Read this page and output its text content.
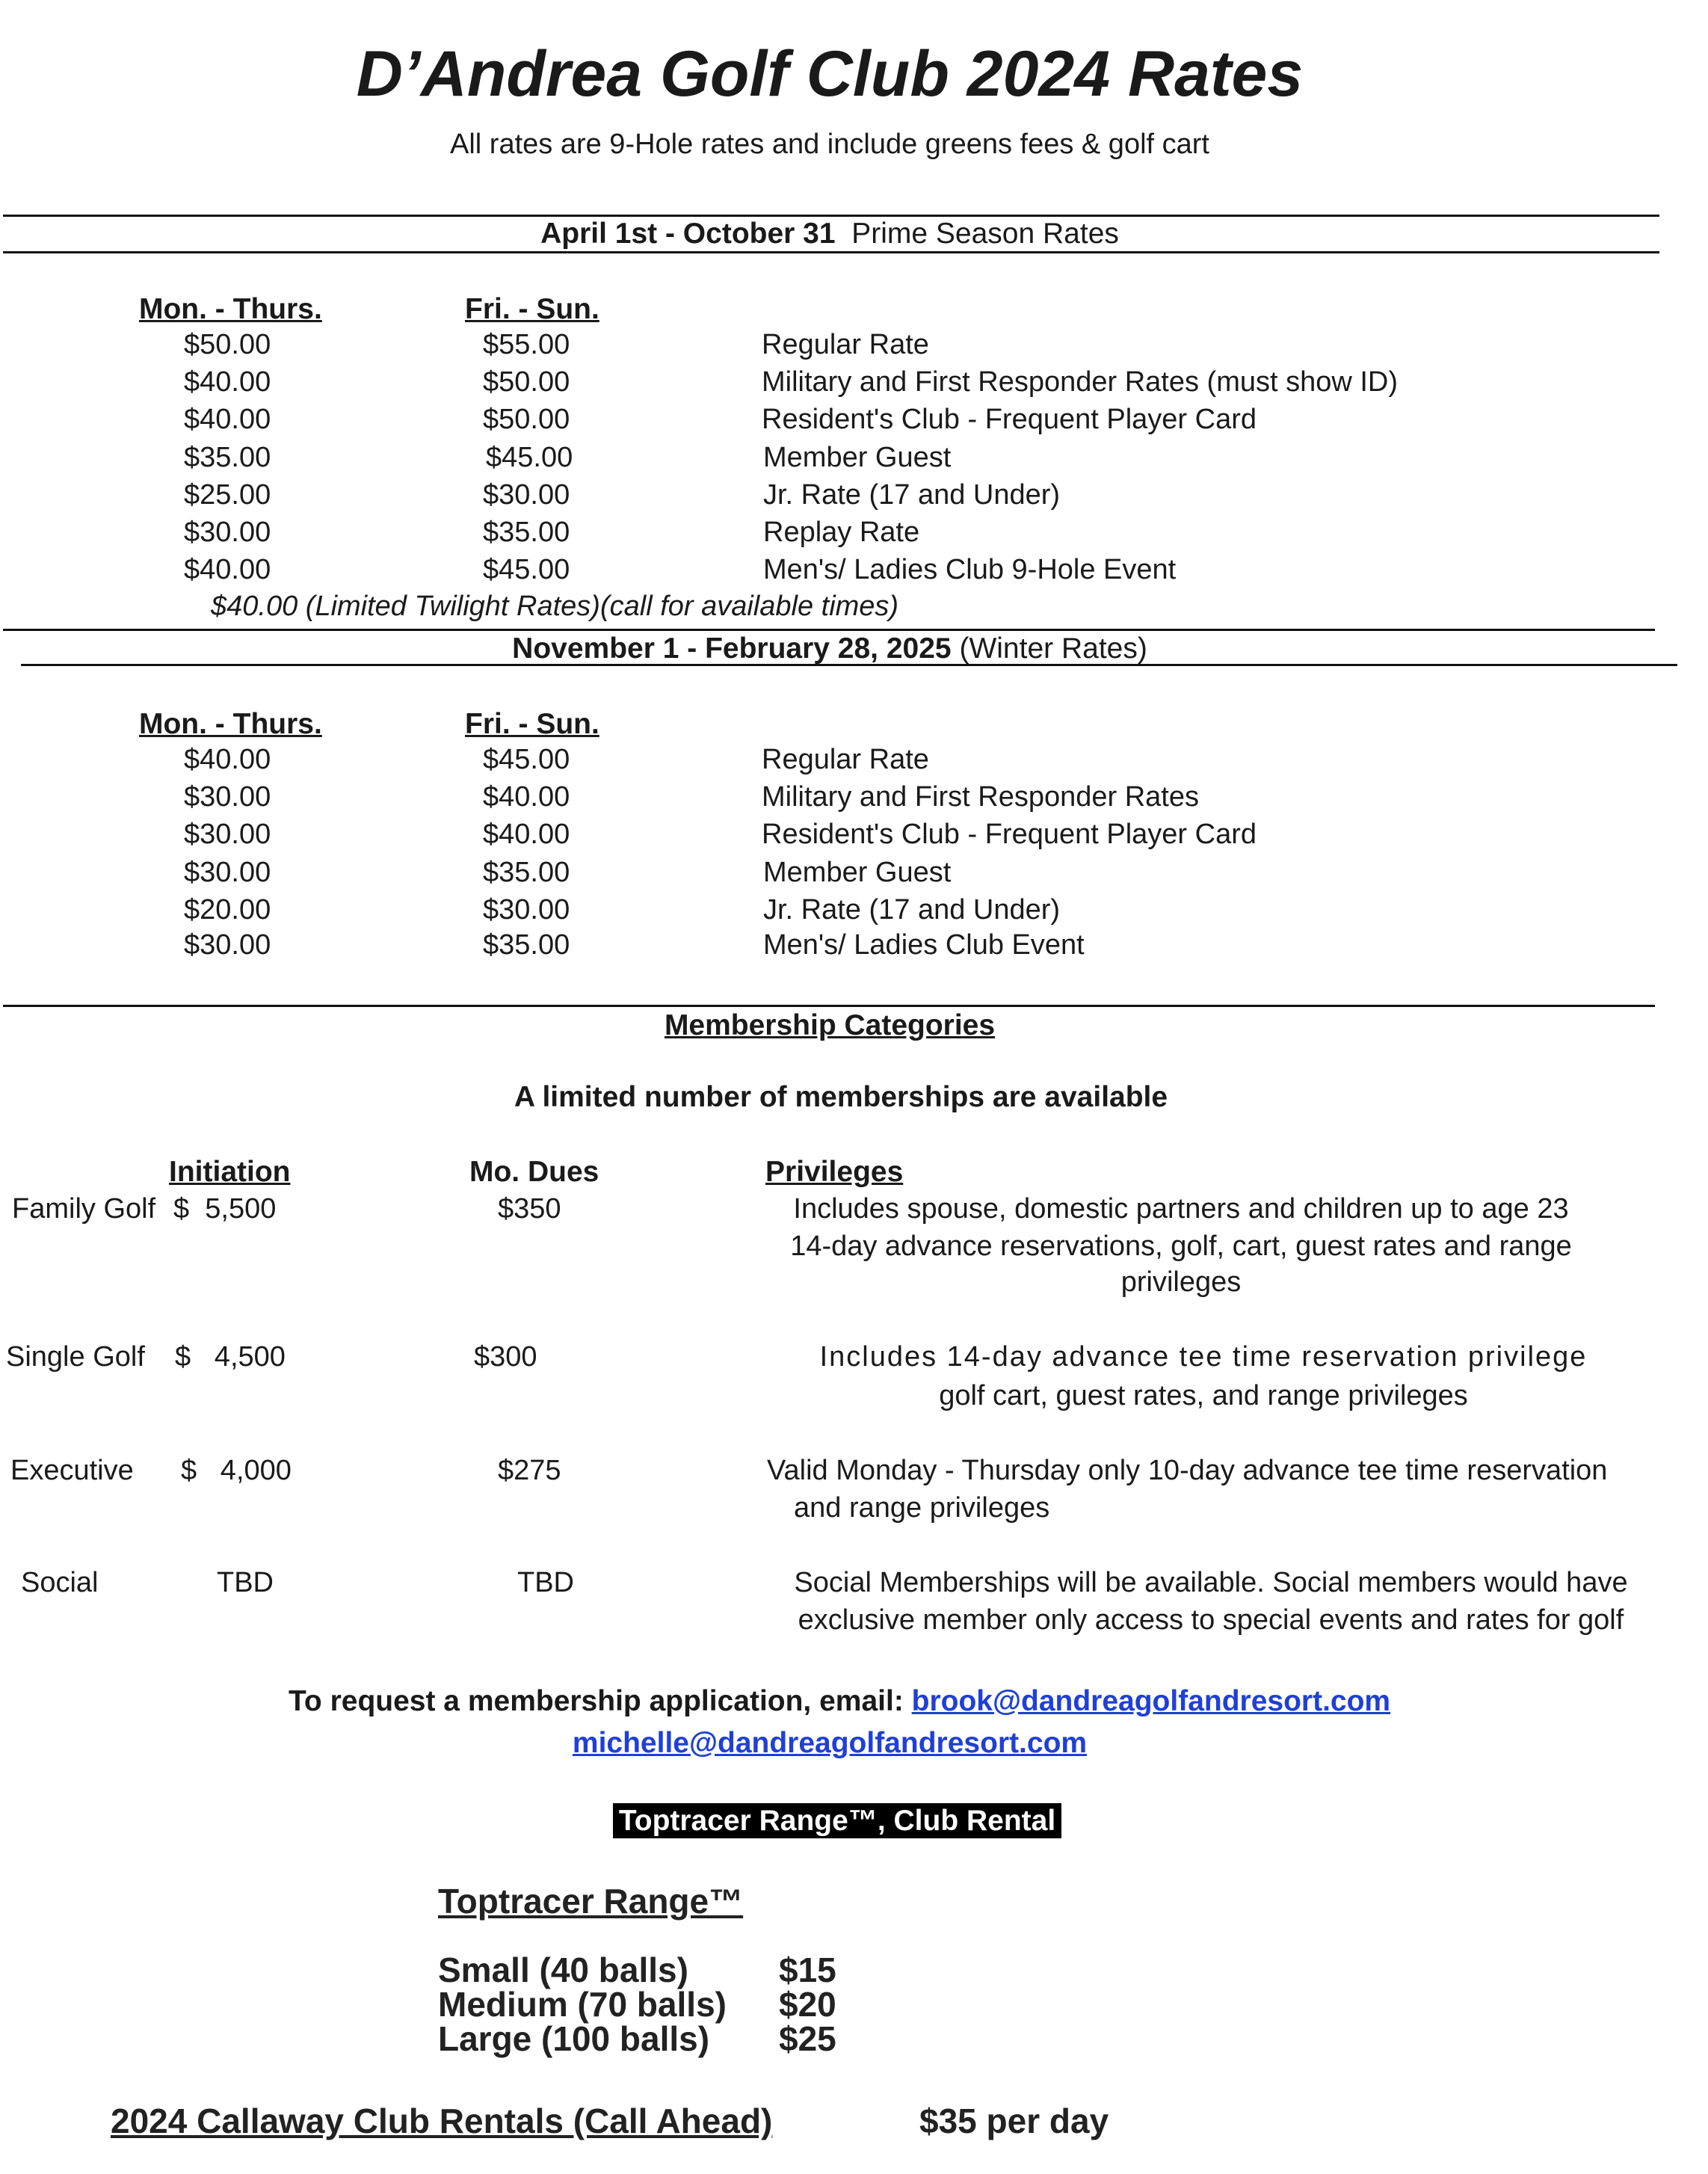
D’Andrea Golf Club 2024 Rates
All rates are 9-Hole rates and include greens fees & golf cart
April 1st - October 31 Prime Season Rates
Mon. - Thurs.	Fri. - Sun.
$50.00	$55.00	Regular Rate
$40.00	$50.00	Military and First Responder Rates (must show ID)
$40.00	$50.00	Resident's Club - Frequent Player Card
$35.00	$45.00	Member Guest
$25.00	$30.00	Jr. Rate (17 and Under)
$30.00	$35.00	Replay Rate
$40.00	$45.00	Men's/ Ladies Club 9-Hole Event
$40.00 (Limited Twilight Rates)(call for available times)
November 1 - February 28, 2025 (Winter Rates)
Mon. - Thurs.	Fri. - Sun.
$40.00	$45.00	Regular Rate
$30.00	$40.00	Military and First Responder Rates
$30.00	$40.00	Resident's Club - Frequent Player Card
$30.00	$35.00	Member Guest
$20.00	$30.00	Jr. Rate (17 and Under)
$30.00	$35.00	Men's/ Ladies Club Event
Membership Categories
A limited number of memberships are available
Initiation	Mo. Dues	Privileges
Family Golf $  5,500	$350	Includes spouse, domestic partners and children up to age 23
14-day advance reservations, golf, cart, guest rates and range
privileges
Single Golf $   4,500	$300	Includes 14-day advance tee time reservation privilege
golf cart, guest rates, and range privileges
Executive $   4,000	$275	Valid Monday - Thursday only 10-day advance tee time reservation
and range privileges
Social	TBD	TBD	Social Memberships will be available. Social members would have
exclusive member only access to special events and rates for golf
To request a membership application, email: brook@dandreagolfandresort.com
michelle@dandreagolfandresort.com
Toptracer Range™, Club Rental
Toptracer Range™
Small (40 balls)	$15
Medium (70 balls) $20
Large (100 balls) $25
2024 Callaway Club Rentals (Call Ahead)	$35 per day
